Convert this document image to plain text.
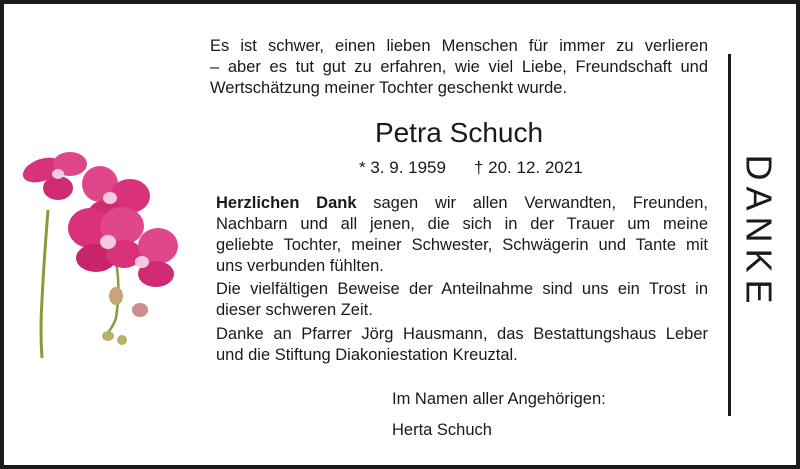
Es ist schwer, einen lieben Menschen für immer zu verlieren
– aber es tut gut zu erfahren, wie viel Liebe, Freundschaft und
Wertschätzung meiner Tochter geschenkt wurde.
Petra Schuch
* 3. 9. 1959 † 20. 12. 2021
Herzlichen Dank sagen wir allen Verwandten, Freunden,
Nachbarn und all jenen, die sich in der Trauer um meine
geliebte Tochter, meiner Schwester, Schwägerin und Tante mit
uns verbunden fühlten.
Die vielfältigen Beweise der Anteilnahme sind uns ein Trost in
dieser schweren Zeit.
Danke an Pfarrer Jörg Hausmann, das Bestattungshaus Leber
und die Stiftung Diakoniestation Kreuztal.
Im Namen aller Angehörigen:
Herta Schuch
D
A
N
K
E
